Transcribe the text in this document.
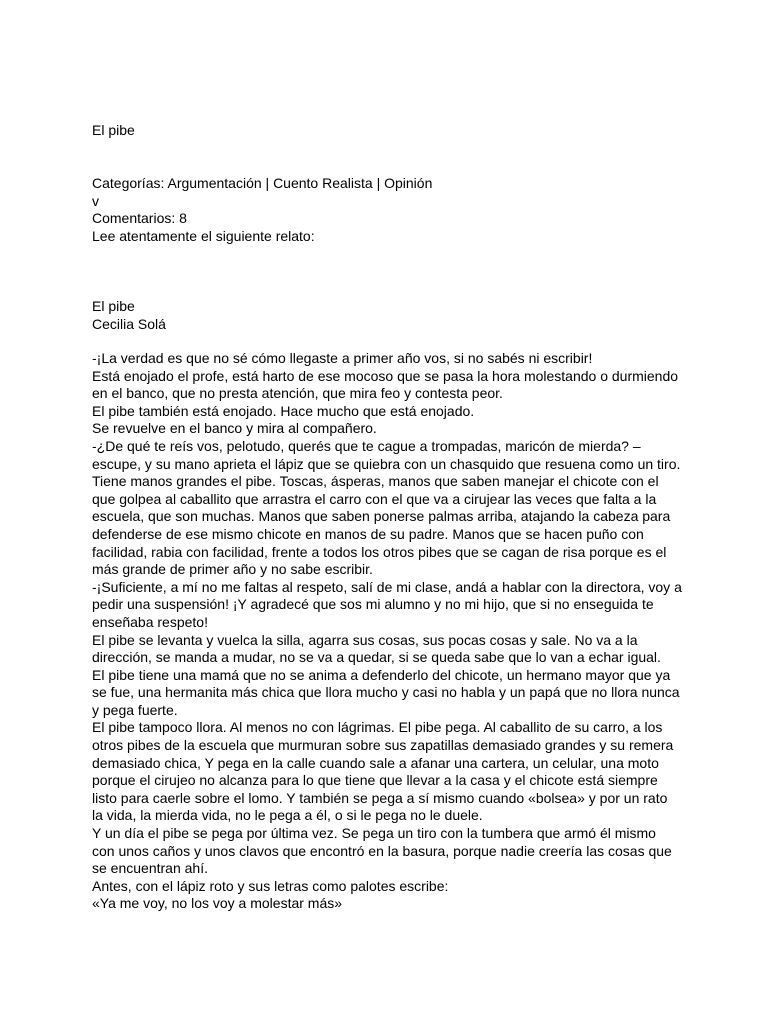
El pibe
Categorías: Argumentación | Cuento Realista | Opinión
v
Comentarios: 8
Lee atentamente el siguiente relato:
El pibe
Cecilia Solá

-¡La verdad es que no sé cómo llegaste a primer año vos, si no sabés ni escribir!

Está enojado el profe, está harto de ese mocoso que se pasa la hora molestando o durmiendo en el banco, que no presta atención, que mira feo y contesta peor.

El pibe también está enojado. Hace mucho que está enojado.

Se revuelve en el banco y mira al compañero.

-¿De qué te reís vos, pelotudo, querés que te cague a trompadas, maricón de mierda? –escupe, y su mano aprieta el lápiz que se quiebra con un chasquido que resuena como un tiro.

Tiene manos grandes el pibe. Toscas, ásperas, manos que saben manejar el chicote con el que golpea al caballito que arrastra el carro con el que va a cirujear las veces que falta a la escuela, que son muchas. Manos que saben ponerse palmas arriba, atajando la cabeza para defenderse de ese mismo chicote en manos de su padre. Manos que se hacen puño con facilidad, rabia con facilidad, frente a todos los otros pibes que se cagan de risa porque es el más grande de primer año y no sabe escribir.

-¡Suficiente, a mí no me faltas al respeto, salí de mi clase, andá a hablar con la directora, voy a pedir una suspensión! ¡Y agradecé que sos mi alumno y no mi hijo, que si no enseguida te enseñaba respeto!

El pibe se levanta y vuelca la silla, agarra sus cosas, sus pocas cosas y sale. No va a la dirección, se manda a mudar, no se va a quedar, si se queda sabe que lo van a echar igual.

El pibe tiene una mamá que no se anima a defenderlo del chicote, un hermano mayor que ya se fue, una hermanita más chica que llora mucho y casi no habla y un papá que no llora nunca y pega fuerte.

El pibe tampoco llora. Al menos no con lágrimas. El pibe pega. Al caballito de su carro, a los otros pibes de la escuela que murmuran sobre sus zapatillas demasiado grandes y su remera demasiado chica, Y pega en la calle cuando sale a afanar una cartera, un celular, una moto porque el cirujeo no alcanza para lo que tiene que llevar a la casa y el chicote está siempre listo para caerle sobre el lomo. Y también se pega a sí mismo cuando «bolsea» y por un rato la vida, la mierda vida, no le pega a él, o si le pega no le duele.

Y un día el pibe se pega por última vez. Se pega un tiro con la tumbera que armó él mismo con unos caños y unos clavos que encontró en la basura, porque nadie creería las cosas que se encuentran ahí.

Antes, con el lápiz roto y sus letras como palotes escribe:

«Ya me voy, no los voy a molestar más»
